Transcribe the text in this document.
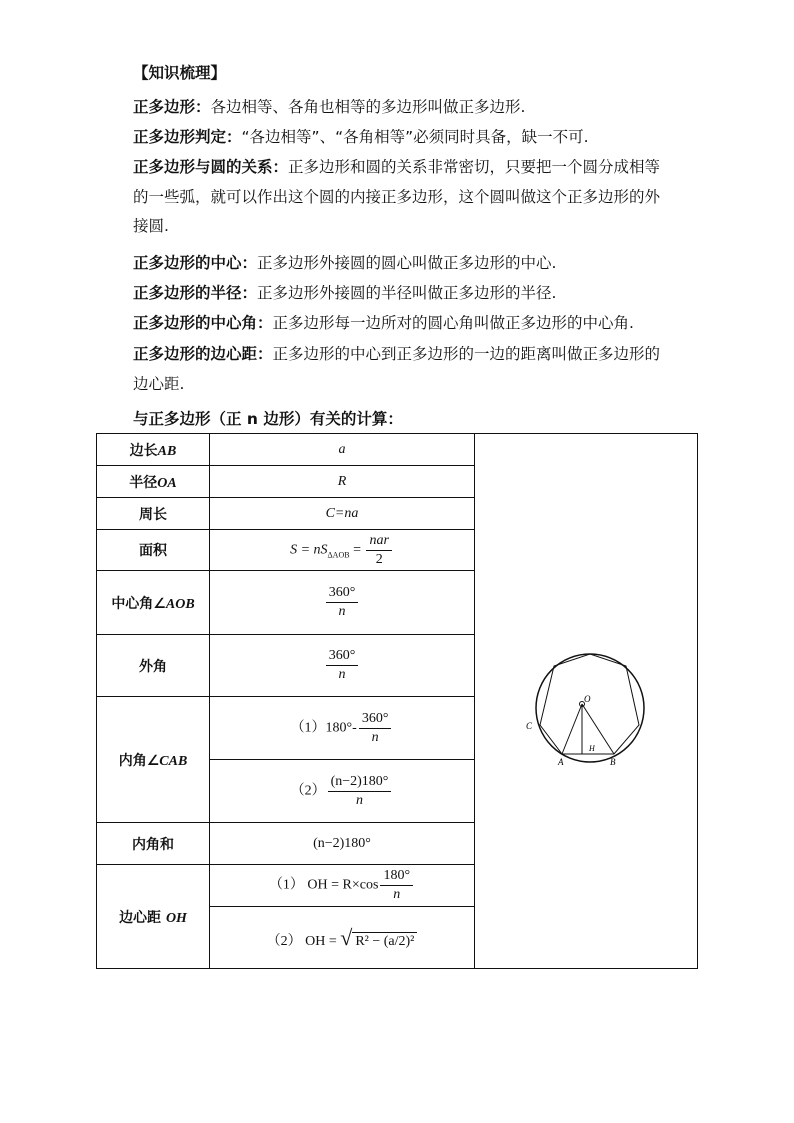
【知识梳理】
正多边形：各边相等、各角也相等的多边形叫做正多边形.
正多边形判定：“各边相等”、“各角相等”必须同时具备，缺一不可.
正多边形与圆的关系：正多边形和圆的关系非常密切，只要把一个圆分成相等的一些弧，就可以作出这个圆的内接正多边形，这个圆叫做这个正多边形的外接圆.
正多边形的中心：正多边形外接圆的圆心叫做正多边形的中心.
正多边形的半径：正多边形外接圆的半径叫做正多边形的半径.
正多边形的中心角：正多边形每一边所对的圆心角叫做正多边形的中心角.
正多边形的边心距：正多边形的中心到正多边形的一边的距离叫做正多边形的边心距.
与正多边形（正 n 边形）有关的计算：
边长AB	a	
半径OA	R	
周长	C=na	
面积	$S = nS_{\Delta AOB} = \frac{\text{nar}}{2}$

中心角∠AOB	$\frac{360^\circ}{n}$

外角	$\frac{360^\circ}{n}$

内角∠CAB	$(1)180^\circ- \frac{360^\circ}{n}$

	$(2) \frac{(n-2)180^\circ}{n}$

内角和	(n−2)180°	
边心距 OH	（1） OH = $R\times\cos \frac{180^\circ}{n}$

	（2） OH = √ R² − (a/2)²	
O
C
A	B
H
